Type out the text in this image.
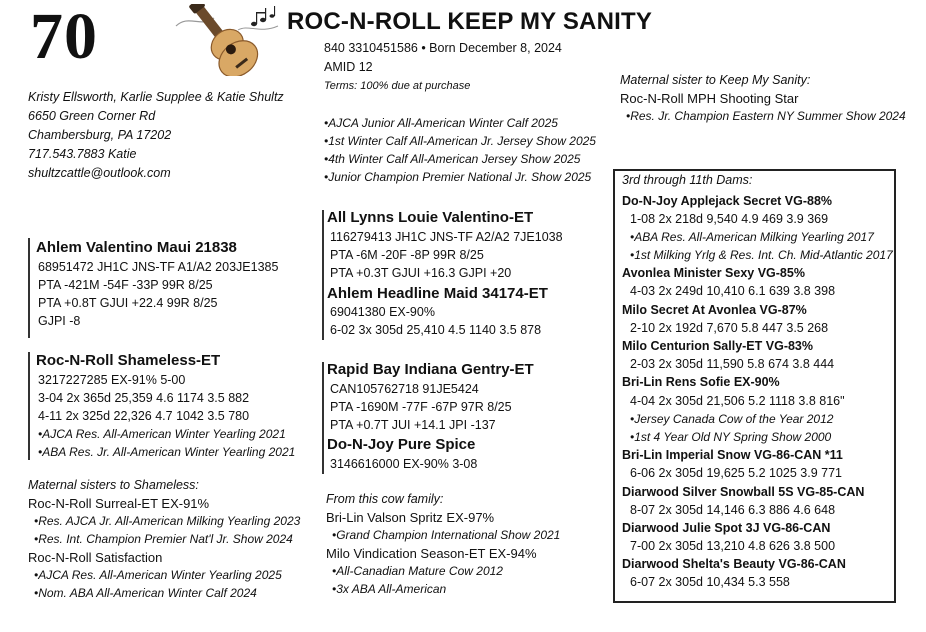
70	ROC-N-ROLL KEEP MY SANITY
840 3310451586 • Born December 8, 2024
AMID 12
Terms: 100% due at purchase
•AJCA Junior All-American Winter Calf 2025
•1st Winter Calf All-American Jr. Jersey Show 2025
•4th Winter Calf All-American Jersey Show 2025
•Junior Champion Premier National Jr. Show 2025
Kristy Ellsworth, Karlie Supplee & Katie Shultz
6650 Green Corner Rd
Chambersburg, PA 17202
717.543.7883 Katie
shultzcattle@outlook.com
Ahlem Valentino Maui 21838
68951472 JH1C JNS-TF A1/A2 203JE1385
PTA -421M -54F -33P 99R 8/25
PTA +0.8T GJUI +22.4 99R 8/25
GJPI -8
Roc-N-Roll Shameless-ET
3217227285 EX-91% 5-00
3-04 2x 365d 25,359 4.6 1174 3.5 882
4-11 2x 325d 22,326 4.7 1042 3.5 780
•AJCA Res. All-American Winter Yearling 2021
•ABA Res. Jr. All-American Winter Yearling 2021
Maternal sisters to Shameless:
Roc-N-Roll Surreal-ET EX-91%
•Res. AJCA Jr. All-American Milking Yearling 2023
•Res. Int. Champion Premier Nat'l Jr. Show 2024
Roc-N-Roll Satisfaction
•AJCA Res. All-American Winter Yearling 2025
•Nom. ABA All-American Winter Calf 2024
All Lynns Louie Valentino-ET
116279413 JH1C JNS-TF A2/A2 7JE1038
PTA -6M -20F -8P 99R 8/25
PTA +0.3T GJUI +16.3 GJPI +20
Ahlem Headline Maid 34174-ET
69041380 EX-90%
6-02 3x 305d 25,410 4.5 1140 3.5 878
Rapid Bay Indiana Gentry-ET
CAN105762718 91JE5424
PTA -1690M -77F -67P 97R 8/25
PTA +0.7T JUI +14.1 JPI -137
Do-N-Joy Pure Spice
3146616000 EX-90% 3-08
From this cow family:
Bri-Lin Valson Spritz EX-97%
•Grand Champion International Show 2021
Milo Vindication Season-ET EX-94%
•All-Canadian Mature Cow 2012
•3x ABA All-American
Maternal sister to Keep My Sanity:
Roc-N-Roll MPH Shooting Star
•Res. Jr. Champion Eastern NY Summer Show 2024
3rd through 11th Dams:
Do-N-Joy Applejack Secret VG-88%
1-08 2x 218d 9,540 4.9 469 3.9 369
•ABA Res. All-American Milking Yearling 2017
•1st Milking Yrlg & Res. Int. Ch. Mid-Atlantic 2017
Avonlea Minister Sexy VG-85%
4-03 2x 249d 10,410 6.1 639 3.8 398
Milo Secret At Avonlea VG-87%
2-10 2x 192d 7,670 5.8 447 3.5 268
Milo Centurion Sally-ET VG-83%
2-03 2x 305d 11,590 5.8 674 3.8 444
Bri-Lin Rens Sofie EX-90%
4-04 2x 305d 21,506 5.2 1118 3.8 816"
•Jersey Canada Cow of the Year 2012
•1st 4 Year Old NY Spring Show 2000
Bri-Lin Imperial Snow VG-86-CAN *11
6-06 2x 305d 19,625 5.2 1025 3.9 771
Diarwood Silver Snowball 5S VG-85-CAN
8-07 2x 305d 14,146 6.3 886 4.6 648
Diarwood Julie Spot 3J VG-86-CAN
7-00 2x 305d 13,210 4.8 626 3.8 500
Diarwood Shelta's Beauty VG-86-CAN
6-07 2x 305d 10,434 5.3 558
